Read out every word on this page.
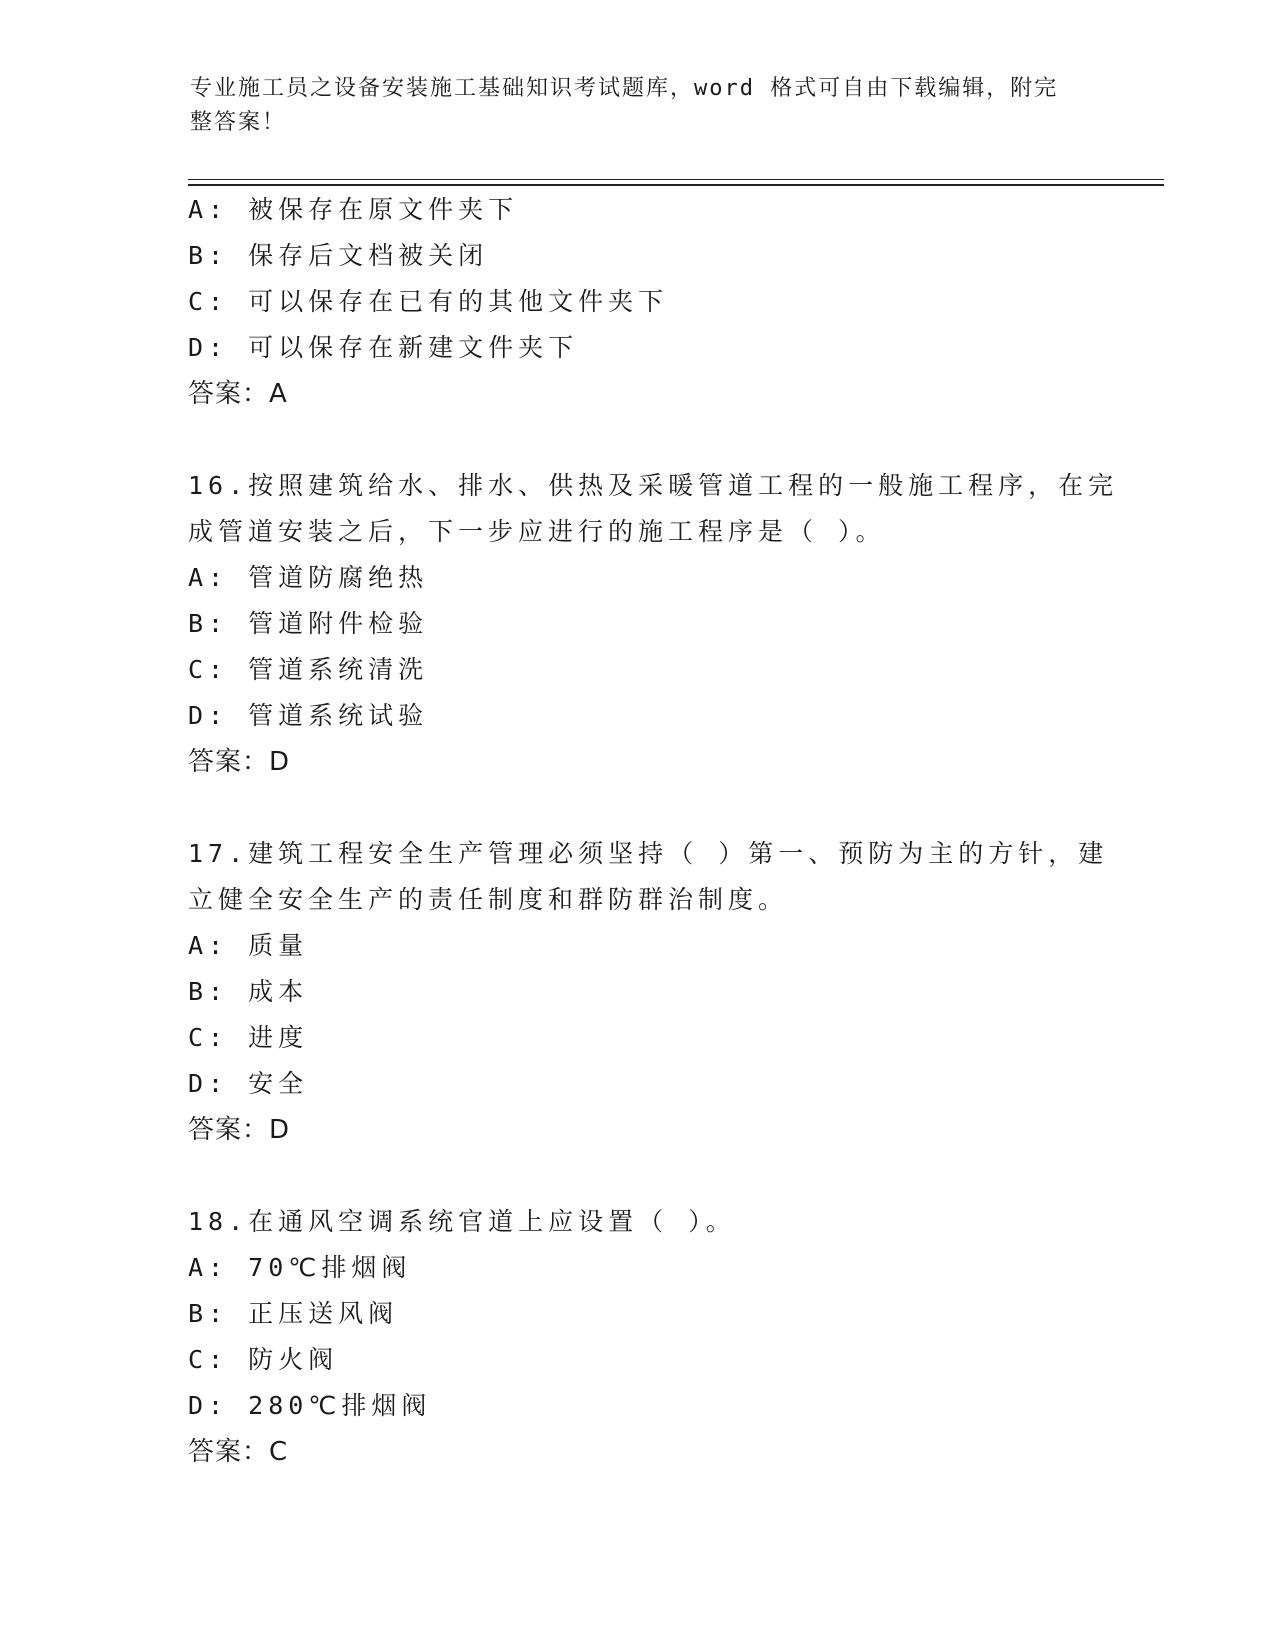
专业施工员之设备安装施工基础知识考试题库，word 格式可自由下载编辑，附完
整答案！
A: 被保存在原文件夹下
B: 保存后文档被关闭
C: 可以保存在已有的其他文件夹下
D: 可以保存在新建文件夹下
答案：A
16.按照建筑给水、排水、供热及采暖管道工程的一般施工程序，在完
成管道安装之后，下一步应进行的施工程序是（ ）。
A: 管道防腐绝热
B: 管道附件检验
C: 管道系统清洗
D: 管道系统试验
答案：D
17.建筑工程安全生产管理必须坚持（ ）第一、预防为主的方针，建
立健全安全生产的责任制度和群防群治制度。
A: 质量
B: 成本
C: 进度
D: 安全
答案：D
18.在通风空调系统官道上应设置（ ）。
A: 70℃排烟阀
B: 正压送风阀
C: 防火阀
D: 280℃排烟阀
答案：C
